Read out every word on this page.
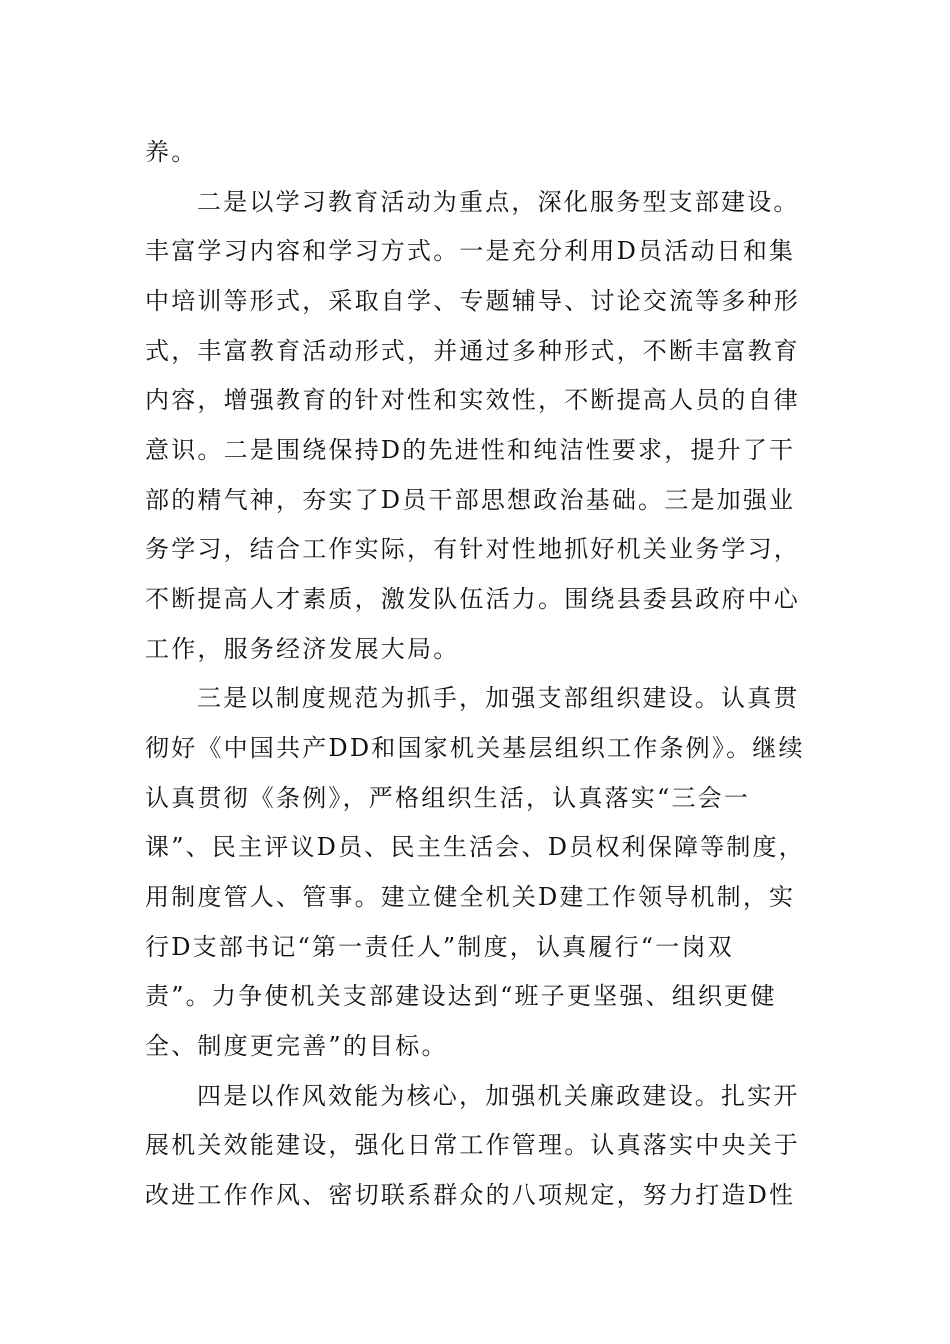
养。
二是以学习教育活动为重点，深化服务型支部建设。
丰富学习内容和学习方式。一是充分利用D员活动日和集
中培训等形式，采取自学、专题辅导、讨论交流等多种形
式，丰富教育活动形式，并通过多种形式，不断丰富教育
内容，增强教育的针对性和实效性，不断提高人员的自律
意识。二是围绕保持D的先进性和纯洁性要求，提升了干
部的精气神，夯实了D员干部思想政治基础。三是加强业
务学习，结合工作实际，有针对性地抓好机关业务学习，
不断提高人才素质，激发队伍活力。围绕县委县政府中心
工作，服务经济发展大局。
三是以制度规范为抓手，加强支部组织建设。认真贯
彻好《中国共产DD和国家机关基层组织工作条例》。继续
认真贯彻《条例》，严格组织生活，认真落实“三会一
课”、民主评议D员、民主生活会、D员权利保障等制度，
用制度管人、管事。建立健全机关D建工作领导机制，实
行D支部书记“第一责任人”制度，认真履行“一岗双
责”。力争使机关支部建设达到“班子更坚强、组织更健
全、制度更完善”的目标。
四是以作风效能为核心，加强机关廉政建设。扎实开
展机关效能建设，强化日常工作管理。认真落实中央关于
改进工作作风、密切联系群众的八项规定，努力打造D性
